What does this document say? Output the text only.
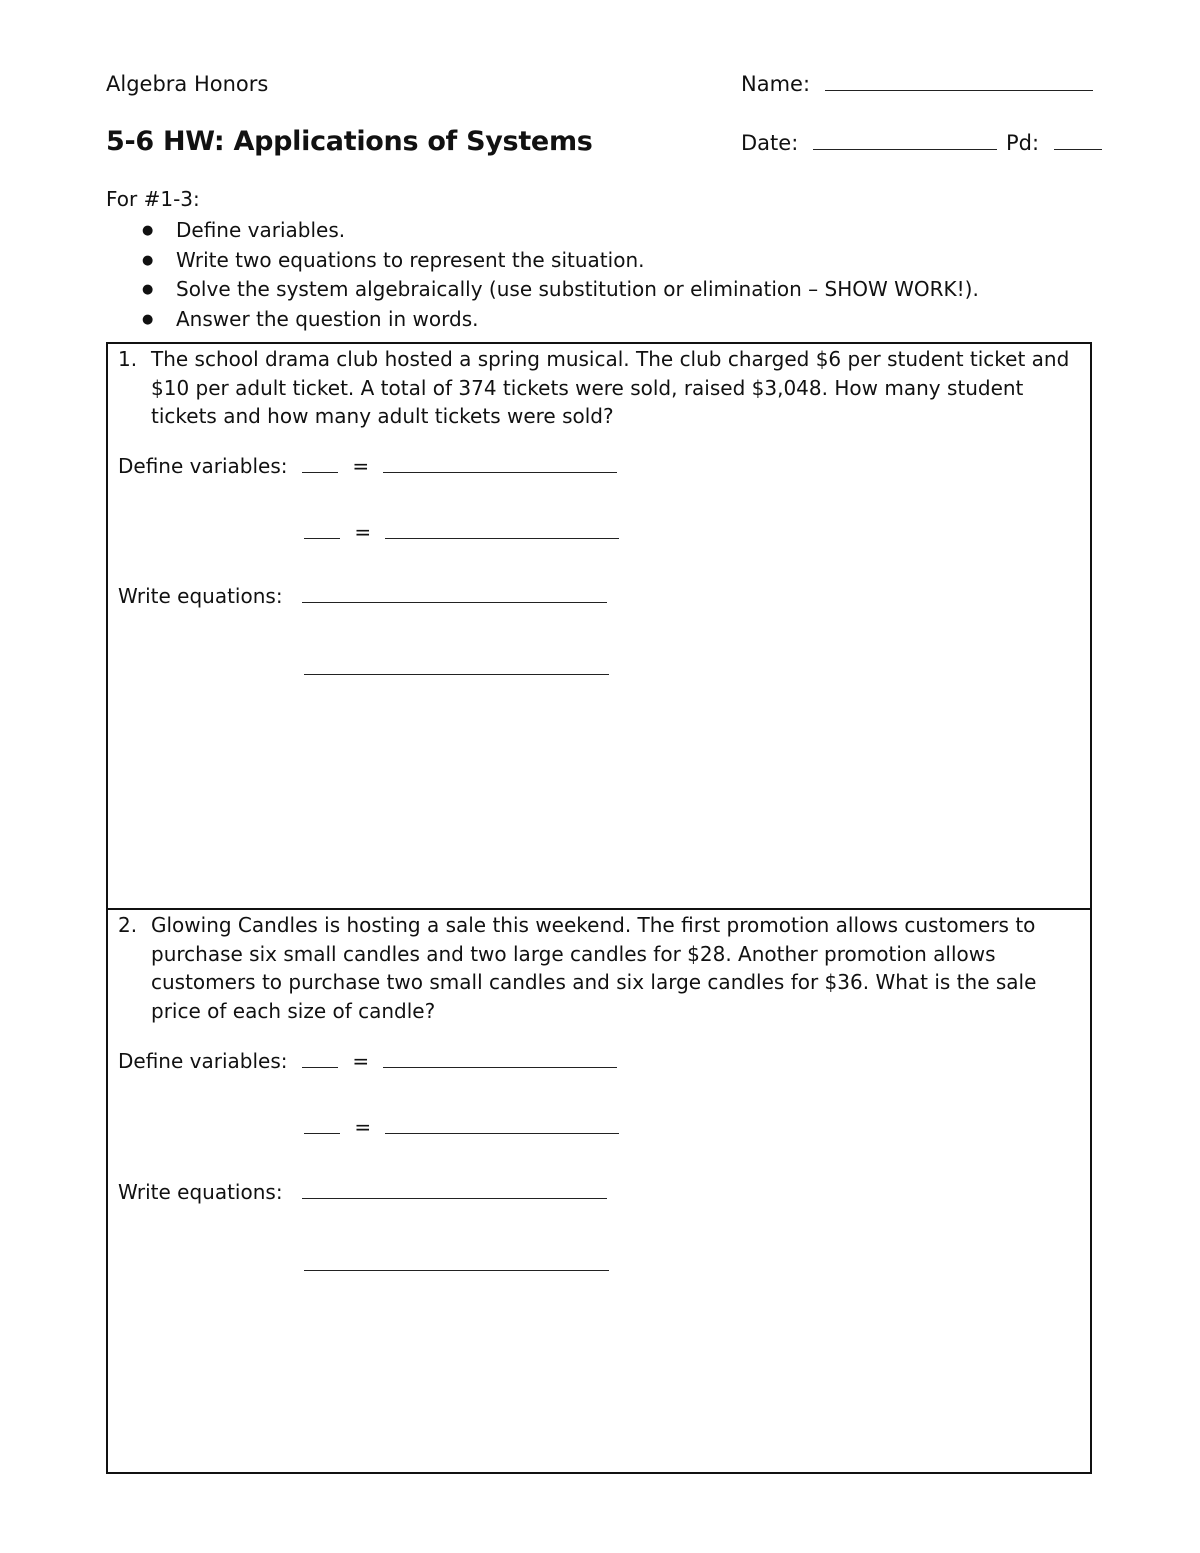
Algebra Honors	Name:
5-6 HW: Applications of Systems	Date:	Pd:
For #1-3:
● Define variables.
● Write two equations to represent the situation.
● Solve the system algebraically (use substitution or elimination – SHOW WORK!).
● Answer the question in words.
1. The school drama club hosted a spring musical. The club charged $6 per student ticket and $10 per adult ticket. A total of 374 tickets were sold, raised $3,048. How many student tickets and how many adult tickets were sold?
Define variables:	=
=
Write equations:
2. Glowing Candles is hosting a sale this weekend. The first promotion allows customers to purchase six small candles and two large candles for $28. Another promotion allows customers to purchase two small candles and six large candles for $36. What is the sale price of each size of candle?
Define variables:	=
=
Write equations:
